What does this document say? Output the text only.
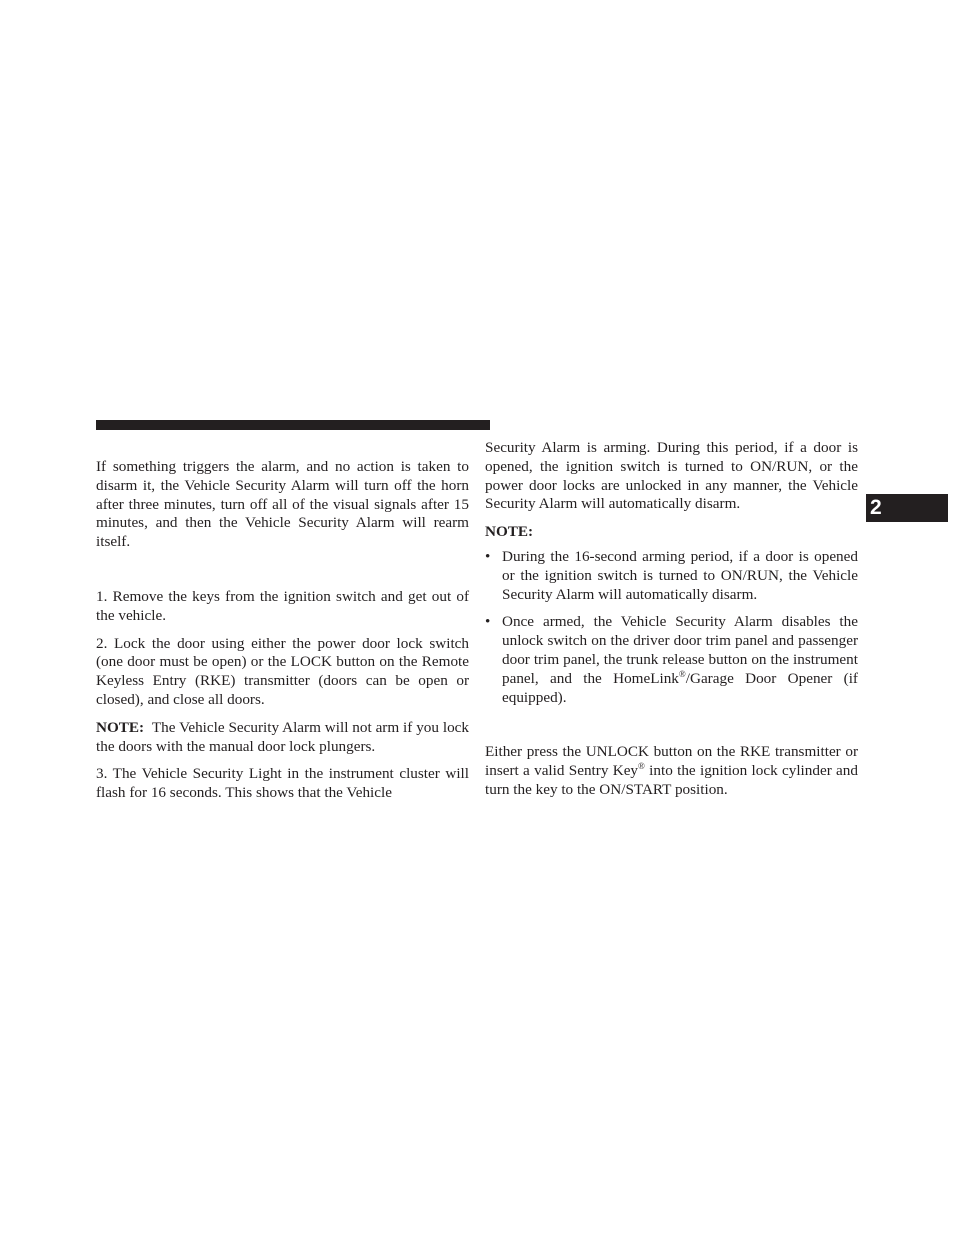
If something triggers the alarm, and no action is taken to disarm it, the Vehicle Security Alarm will turn off the horn after three minutes, turn off all of the visual signals after 15 minutes, and then the Vehicle Security Alarm will rearm itself.

1. Remove the keys from the ignition switch and get out of the vehicle.

2. Lock the door using either the power door lock switch (one door must be open) or the LOCK button on the Remote Keyless Entry (RKE) transmitter (doors can be open or closed), and close all doors.

NOTE: The Vehicle Security Alarm will not arm if you lock the doors with the manual door lock plungers.

3. The Vehicle Security Light in the instrument cluster will flash for 16 seconds. This shows that the Vehicle

Security Alarm is arming. During this period, if a door is opened, the ignition switch is turned to ON/RUN, or the power door locks are unlocked in any manner, the Vehicle Security Alarm will automatically disarm.

NOTE:

• During the 16-second arming period, if a door is opened or the ignition switch is turned to ON/RUN, the Vehicle Security Alarm will automatically disarm.
• Once armed, the Vehicle Security Alarm disables the unlock switch on the driver door trim panel and passenger door trim panel, the trunk release button on the instrument panel, and the HomeLink®/Garage Door Opener (if equipped).

Either press the UNLOCK button on the RKE transmitter or insert a valid Sentry Key® into the ignition lock cylinder and turn the key to the ON/START position.

2
